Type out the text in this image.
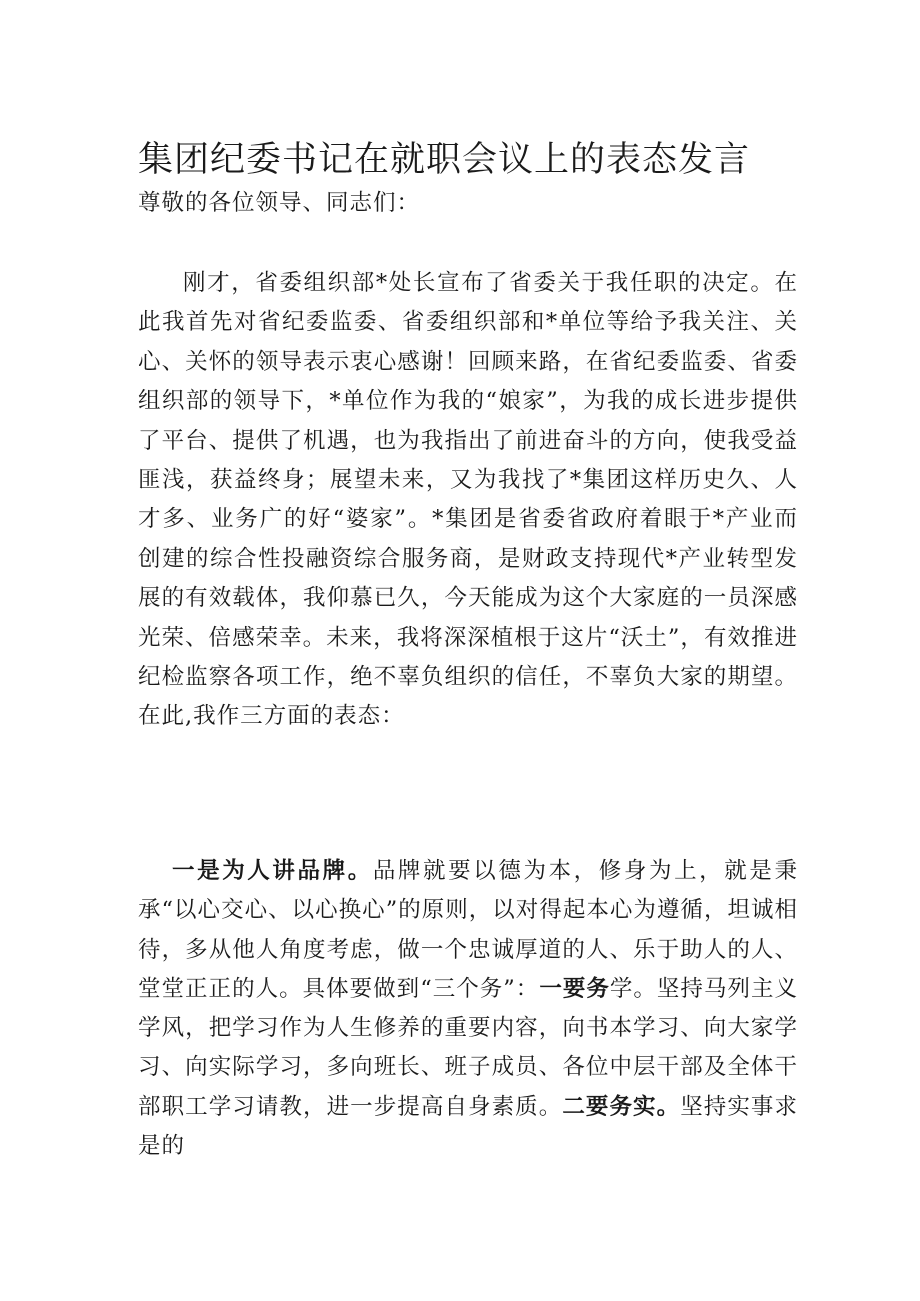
集团纪委书记在就职会议上的表态发言

尊敬的各位领导、同志们：

刚才，省委组织部*处长宣布了省委关于我任职的决定。在此我首先对省纪委监委、省委组织部和*单位等给予我关注、关心、关怀的领导表示衷心感谢！回顾来路，在省纪委监委、省委组织部的领导下，*单位作为我的“娘家”，为我的成长进步提供了平台、提供了机遇，也为我指出了前进奋斗的方向，使我受益匪浅，获益终身；展望未来，又为我找了*集团这样历史久、人才多、业务广的好“婆家”。*集团是省委省政府着眼于*产业而创建的综合性投融资综合服务商，是财政支持现代*产业转型发展的有效载体，我仰慕已久，今天能成为这个大家庭的一员深感光荣、倍感荣幸。未来，我将深深植根于这片“沃土”，有效推进纪检监察各项工作，绝不辜负组织的信任，不辜负大家的期望。在此,我作三方面的表态：

一是为人讲品牌。品牌就要以德为本，修身为上，就是秉承“以心交心、以心换心”的原则，以对得起本心为遵循，坦诚相待，多从他人角度考虑，做一个忠诚厚道的人、乐于助人的人、堂堂正正的人。具体要做到“三个务”：一要务学。坚持马列主义学风，把学习作为人生修养的重要内容，向书本学习、向大家学习、向实际学习，多向班长、班子成员、各位中层干部及全体干部职工学习请教，进一步提高自身素质。二要务实。坚持实事求是的
